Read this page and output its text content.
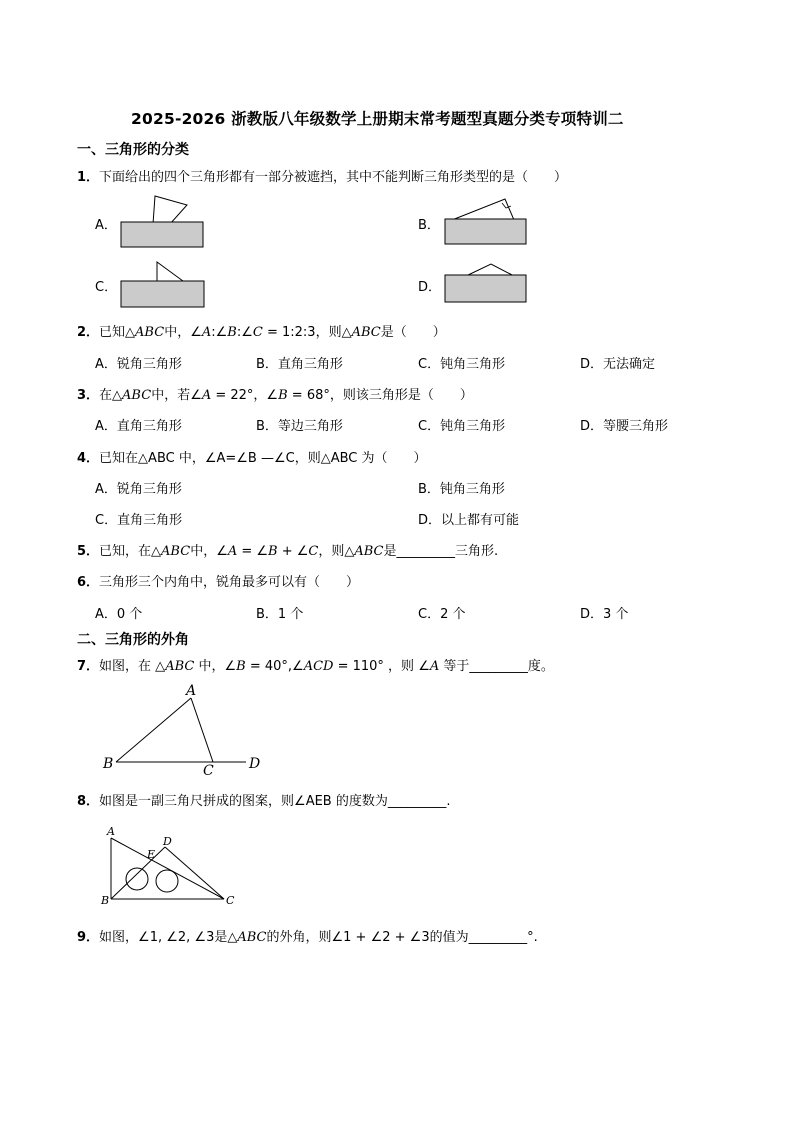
2025-2026 浙教版八年级数学上册期末常考题型真题分类专项特训二
一、三角形的分类
1．下面给出的四个三角形都有一部分被遮挡，其中不能判断三角形类型的是（　　）
A．	B．
C．	D．
2．已知△ABC中，∠A:∠B:∠C = 1:2:3，则△ABC是（　　）
A．锐角三角形	B．直角三角形	C．钝角三角形	D．无法确定
3．在△ABC中，若∠A = 22°，∠B = 68°，则该三角形是（　　）
A．直角三角形	B．等边三角形	C．钝角三角形	D．等腰三角形
4．已知在△ABC 中，∠A=∠B —∠C，则△ABC 为（　　）
A．锐角三角形	B．钝角三角形
C．直角三角形	D．以上都有可能
5．已知，在△ABC中，∠A = ∠B + ∠C，则△ABC是_________三角形.
6．三角形三个内角中，锐角最多可以有（　　）
A．0 个	B．1 个	C．2 个	D．3 个
二、三角形的外角
7．如图，在 △ABC 中，∠B = 40°,∠ACD = 110° ，则 ∠A 等于_________度。
A
B	C	D
8．如图是一副三角尺拼成的图案，则∠AEB 的度数为_________.
A
D
E
B	C
9．如图，∠1, ∠2, ∠3是△ABC的外角，则∠1 + ∠2 + ∠3的值为_________°.
